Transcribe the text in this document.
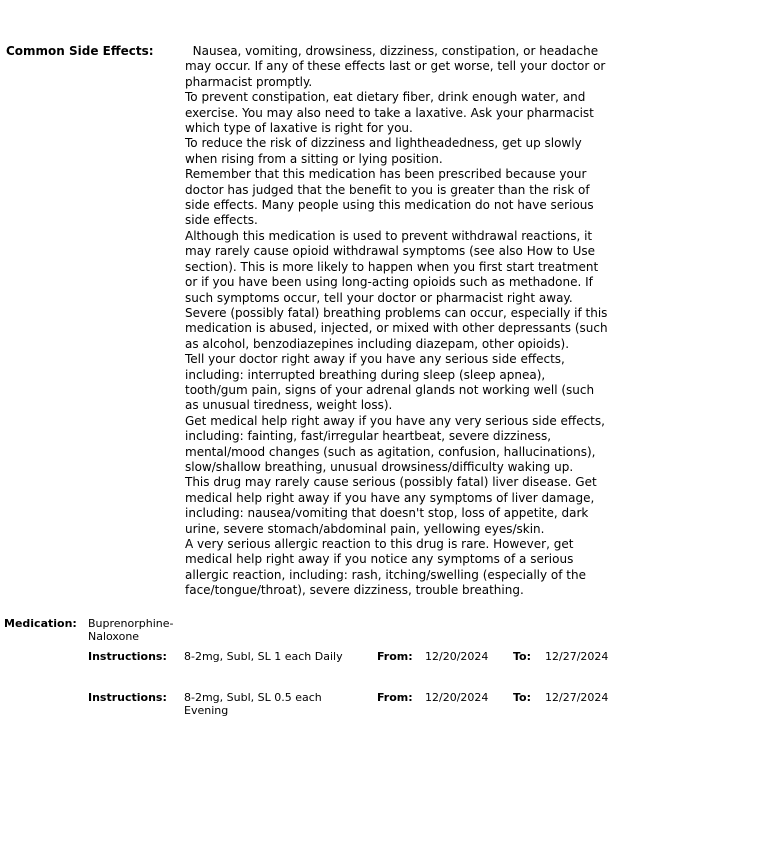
Common Side Effects:	Nausea, vomiting, drowsiness, dizziness, constipation, or headache may occur. If any of these effects last or get worse, tell your doctor or pharmacist promptly.

To prevent constipation, eat dietary fiber, drink enough water, and exercise. You may also need to take a laxative. Ask your pharmacist which type of laxative is right for you.

To reduce the risk of dizziness and lightheadedness, get up slowly when rising from a sitting or lying position.

Remember that this medication has been prescribed because your doctor has judged that the benefit to you is greater than the risk of side effects. Many people using this medication do not have serious side effects.

Although this medication is used to prevent withdrawal reactions, it may rarely cause opioid withdrawal symptoms (see also How to Use section). This is more likely to happen when you first start treatment or if you have been using long-acting opioids such as methadone. If such symptoms occur, tell your doctor or pharmacist right away.

Severe (possibly fatal) breathing problems can occur, especially if this medication is abused, injected, or mixed with other depressants (such as alcohol, benzodiazepines including diazepam, other opioids).

Tell your doctor right away if you have any serious side effects, including: interrupted breathing during sleep (sleep apnea), tooth/gum pain, signs of your adrenal glands not working well (such as unusual tiredness, weight loss).

Get medical help right away if you have any very serious side effects, including: fainting, fast/irregular heartbeat, severe dizziness, mental/mood changes (such as agitation, confusion, hallucinations), slow/shallow breathing, unusual drowsiness/difficulty waking up.

This drug may rarely cause serious (possibly fatal) liver disease. Get medical help right away if you have any symptoms of liver damage, including: nausea/vomiting that doesn't stop, loss of appetite, dark urine, severe stomach/abdominal pain, yellowing eyes/skin.

A very serious allergic reaction to this drug is rare. However, get medical help right away if you notice any symptoms of a serious allergic reaction, including: rash, itching/swelling (especially of the face/tongue/throat), severe dizziness, trouble breathing.

Medication: Buprenorphine-Naloxone
Instructions: 8-2mg, Subl, SL 1 each Daily	From: 12/20/2024 To: 12/27/2024
Instructions: 8-2mg, Subl, SL 0.5 each Evening
From: 12/20/2024 To: 12/27/2024
